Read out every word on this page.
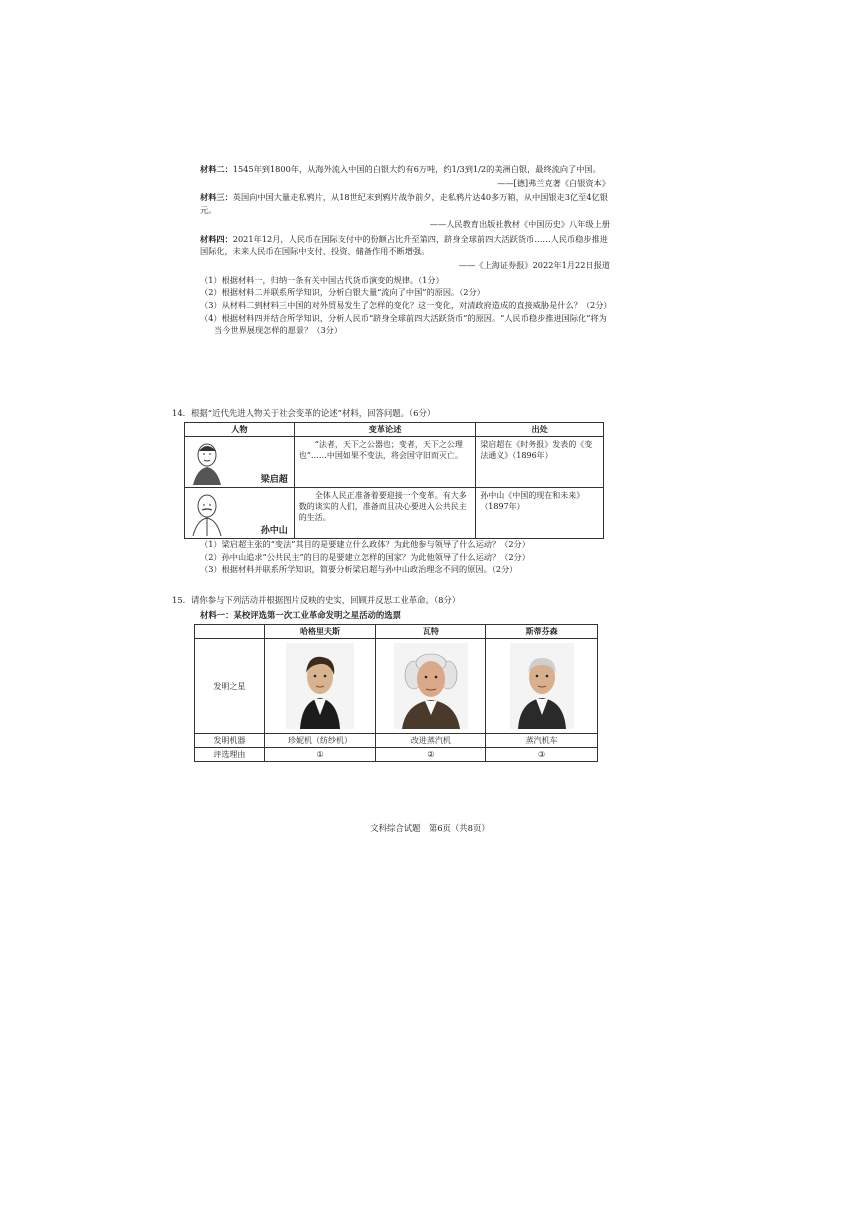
材料二：1545年到1800年，从海外流入中国的白银大约有6万吨，约1/3到1/2的美洲白银，最终流向了中国。

——[德]弗兰克著《白银资本》

材料三：英国向中国大量走私鸦片，从18世纪末到鸦片战争前夕，走私鸦片达40多万箱，从中国银走3亿至4亿银元。

——人民教育出版社教材《中国历史》八年级上册

材料四：2021年12月，人民币在国际支付中的份额占比升至第四，跻身全球前四大活跃货币……人民币稳步推进国际化，未来人民币在国际中支付、投资、储备作用不断增强。

——《上海证券报》2022年1月22日报道

（1）根据材料一，归纳一条有关中国古代货币演变的规律。（1分）

（2）根据材料二并联系所学知识，分析白银大量“流向了中国”的原因。（2分）

（3）从材料二到材料三中国的对外贸易发生了怎样的变化？这一变化，对清政府造成的直接威胁是什么？（2分）

（4）根据材料四并结合所学知识，分析人民币“跻身全球前四大活跃货币”的原因。“人民币稳步推进国际化”将为当今世界展现怎样的愿景？（3分）

14．根据“近代先进人物关于社会变革的论述”材料，回答问题。（6分）
人物	变革论述	出处

梁启超	“法者，天下之公器也；变者，天下之公理也”……中国如果不变法，将会国守旧而灭亡。	梁启超在《时务报》发表的《变法通义》（1896年）

孙中山	全体人民正准备着要迎接一个变革。有大多数的谈实的人们，准备而且决心要进入公共民主的生活。	孙中山《中国的现在和未来》（1897年）

（1）梁启超主张的“变法”其目的是要建立什么政体？为此他参与领导了什么运动？（2分）

（2）孙中山追求“公共民主”的目的是要建立怎样的国家？为此他领导了什么运动？（2分）

（3）根据材料并联系所学知识，简要分析梁启超与孙中山政治理念不同的原因。（2分）

15．请你参与下列活动并根据图片反映的史实，回顾并反思工业革命。（8分）
材料一：某校评选第一次工业革命发明之星活动的选票
	哈格里夫斯	瓦特	斯蒂芬森
发明之星	

发明机器	珍妮机（纺纱机）	改进蒸汽机	蒸汽机车
评选理由	①	②	③
文科综合试题　第6页（共8页）
